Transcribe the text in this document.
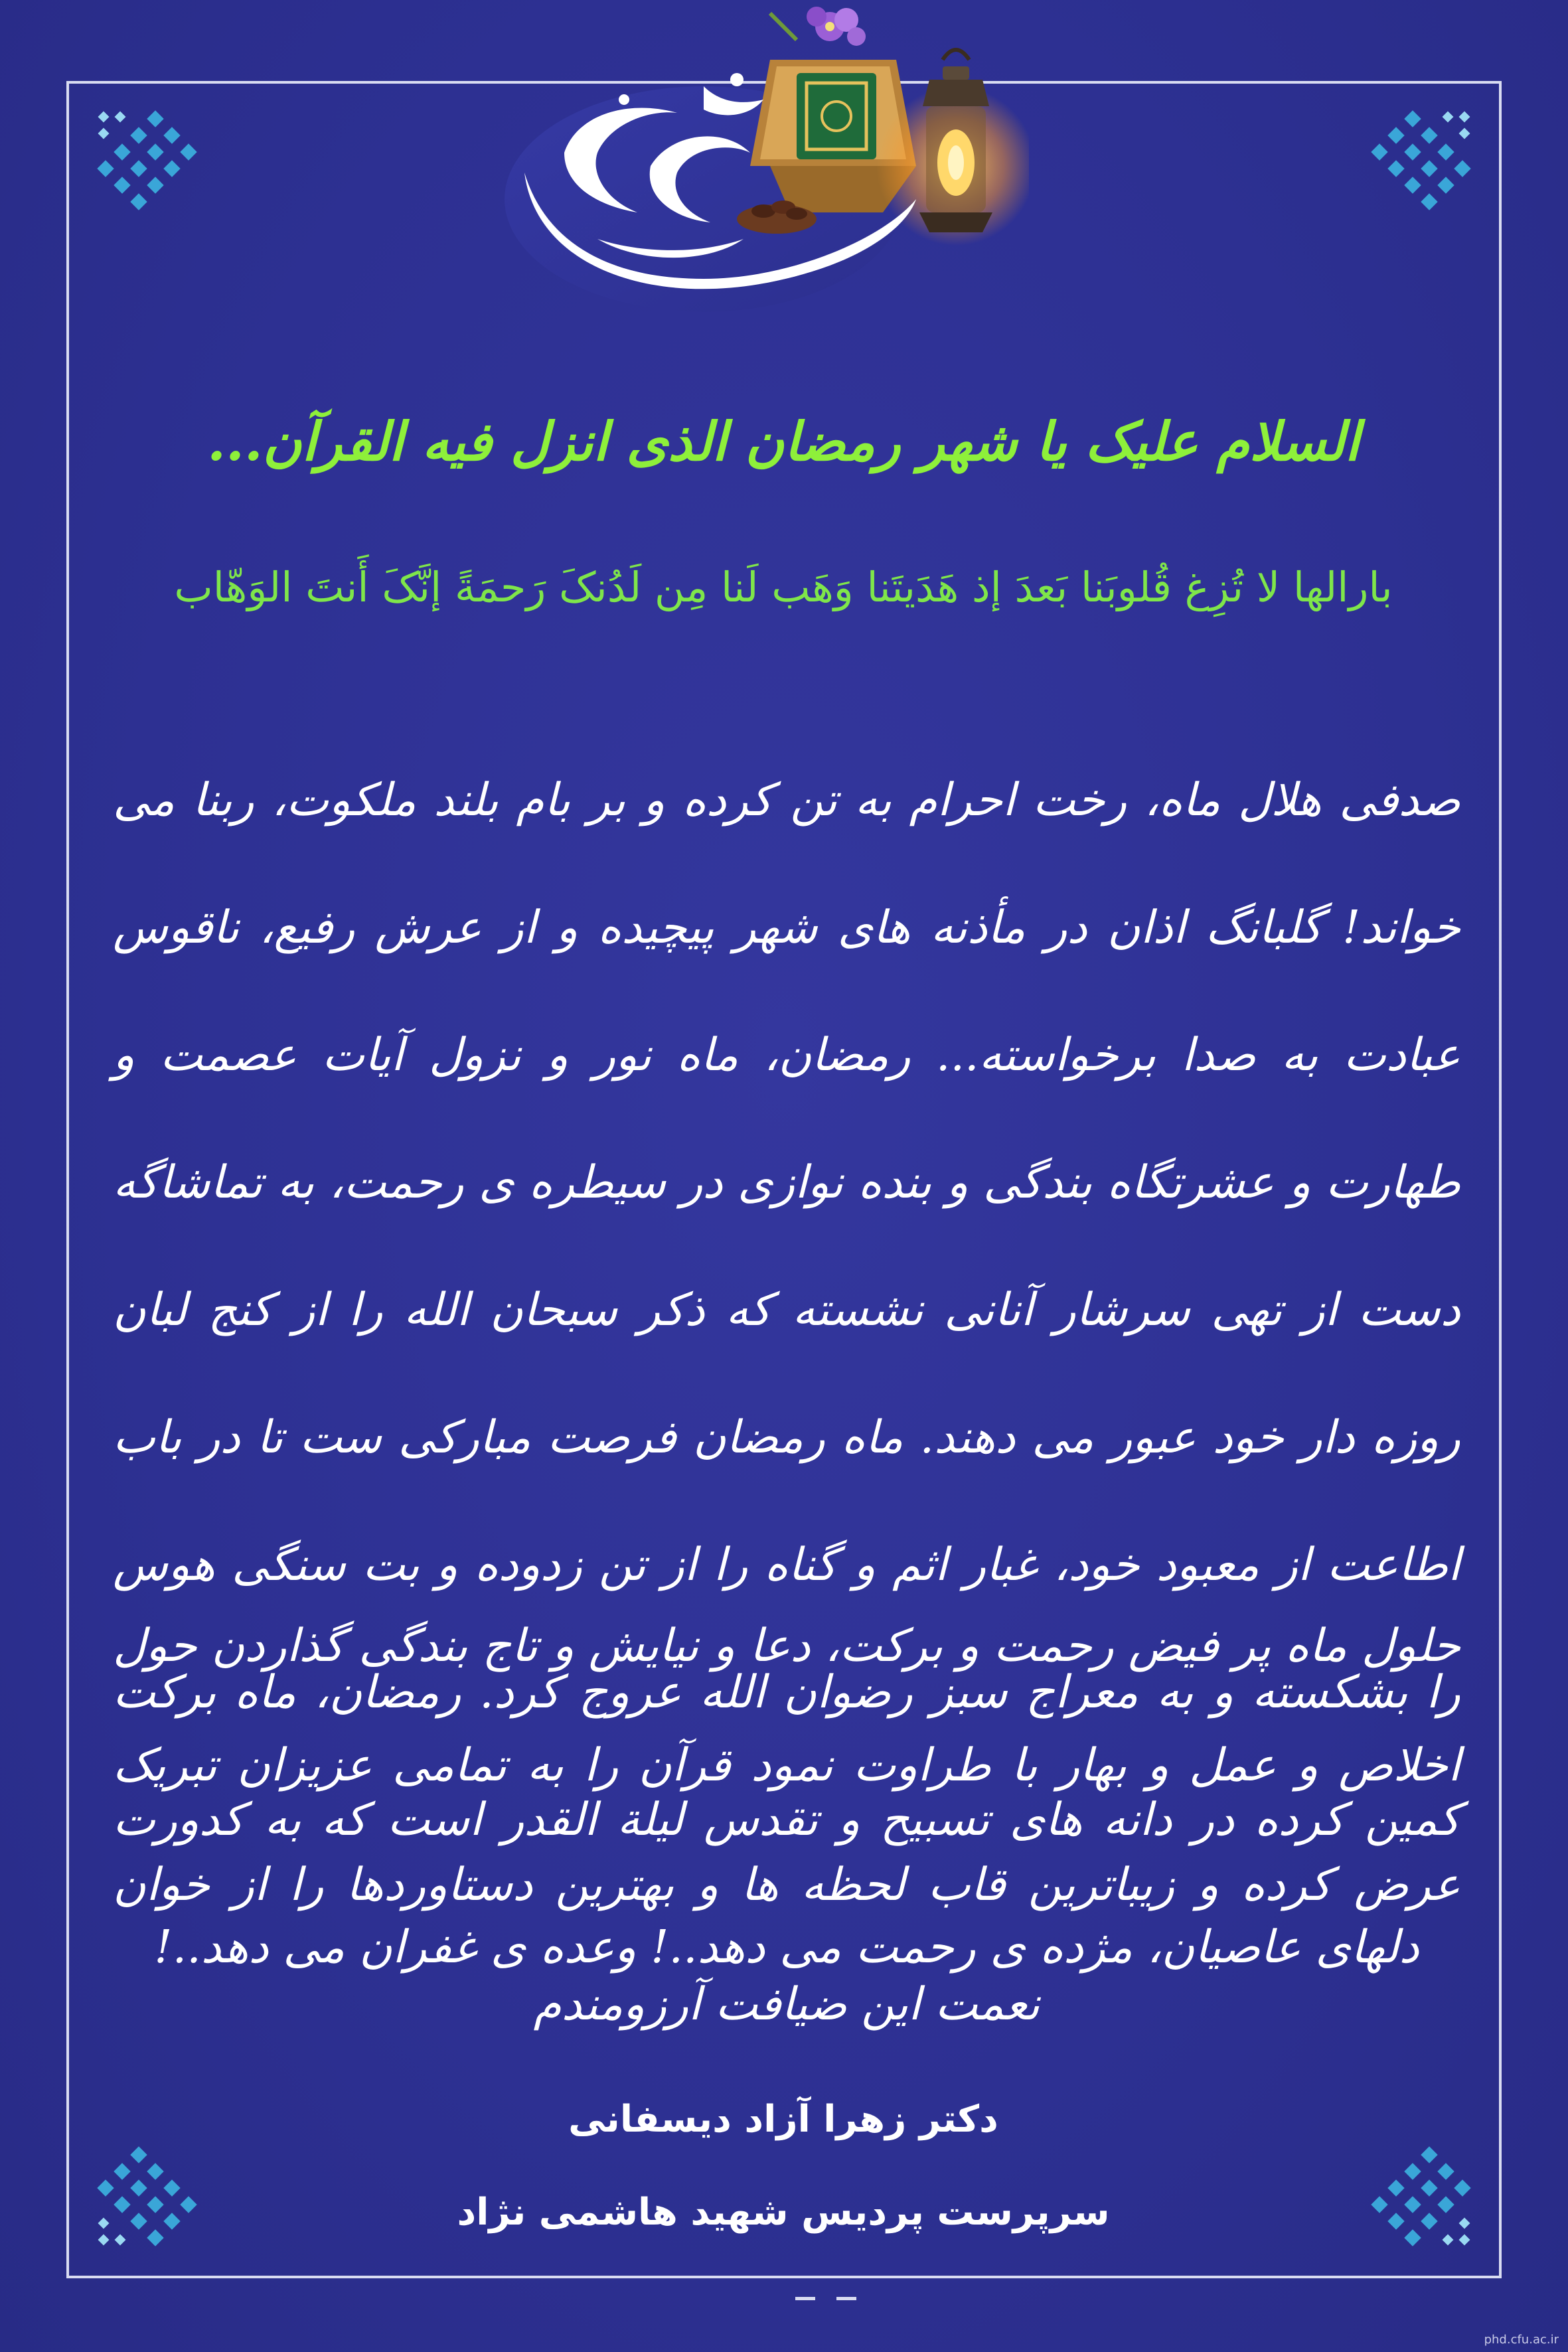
السلام علیک یا شهر رمضان الذی انزل فیه القرآن...
بارالها لا تُزِغ قُلوبَنا بَعدَ إذ هَدَیتَنا وَهَب لَنا مِن لَدُنکَ رَحمَةً إنَّکَ أَنتَ الوَهّاب
صدفی هلال ماه، رخت احرام به تن کرده و بر بام بلند ملکوت، ربنا می خواند! گلبانگ اذان در مأذنه های شهر پیچیده و از عرش رفیع، ناقوس عبادت به صدا برخواسته... رمضان، ماه نور و نزول آیات عصمت و طهارت و عشرتگاه بندگی و بنده نوازی در سیطره ی رحمت، به تماشاگه دست از تهی سرشار آنانی نشسته که ذکر سبحان الله را از کنج لبان روزه دار خود عبور می دهند. ماه رمضان فرصت مبارکی ست تا در باب اطاعت از معبود خود، غبار اثم و گناه را از تن زدوده و بت سنگی هوس را بشکسته و به معراج سبز رضوان الله عروج کرد. رمضان، ماه برکت کمین کرده در دانه های تسبیح و تقدس لیلة القدر است که به کدورت دلهای عاصیان، مژده ی رحمت می دهد..! وعده ی غفران می دهد..!
حلول ماه پر فیض رحمت و برکت، دعا و نیایش و تاج بندگی گذاردن حول اخلاص و عمل و بهار با طراوت نمود قرآن را به تمامی عزیزان تبریک عرض کرده و زیباترین قاب لحظه ها و بهترین دستاوردها را از خوان نعمت این ضیافت آرزومندم
دکتر زهرا آزاد دیسفانی
سرپرست پردیس شهید هاشمی نژاد
phd.cfu.ac.ir
